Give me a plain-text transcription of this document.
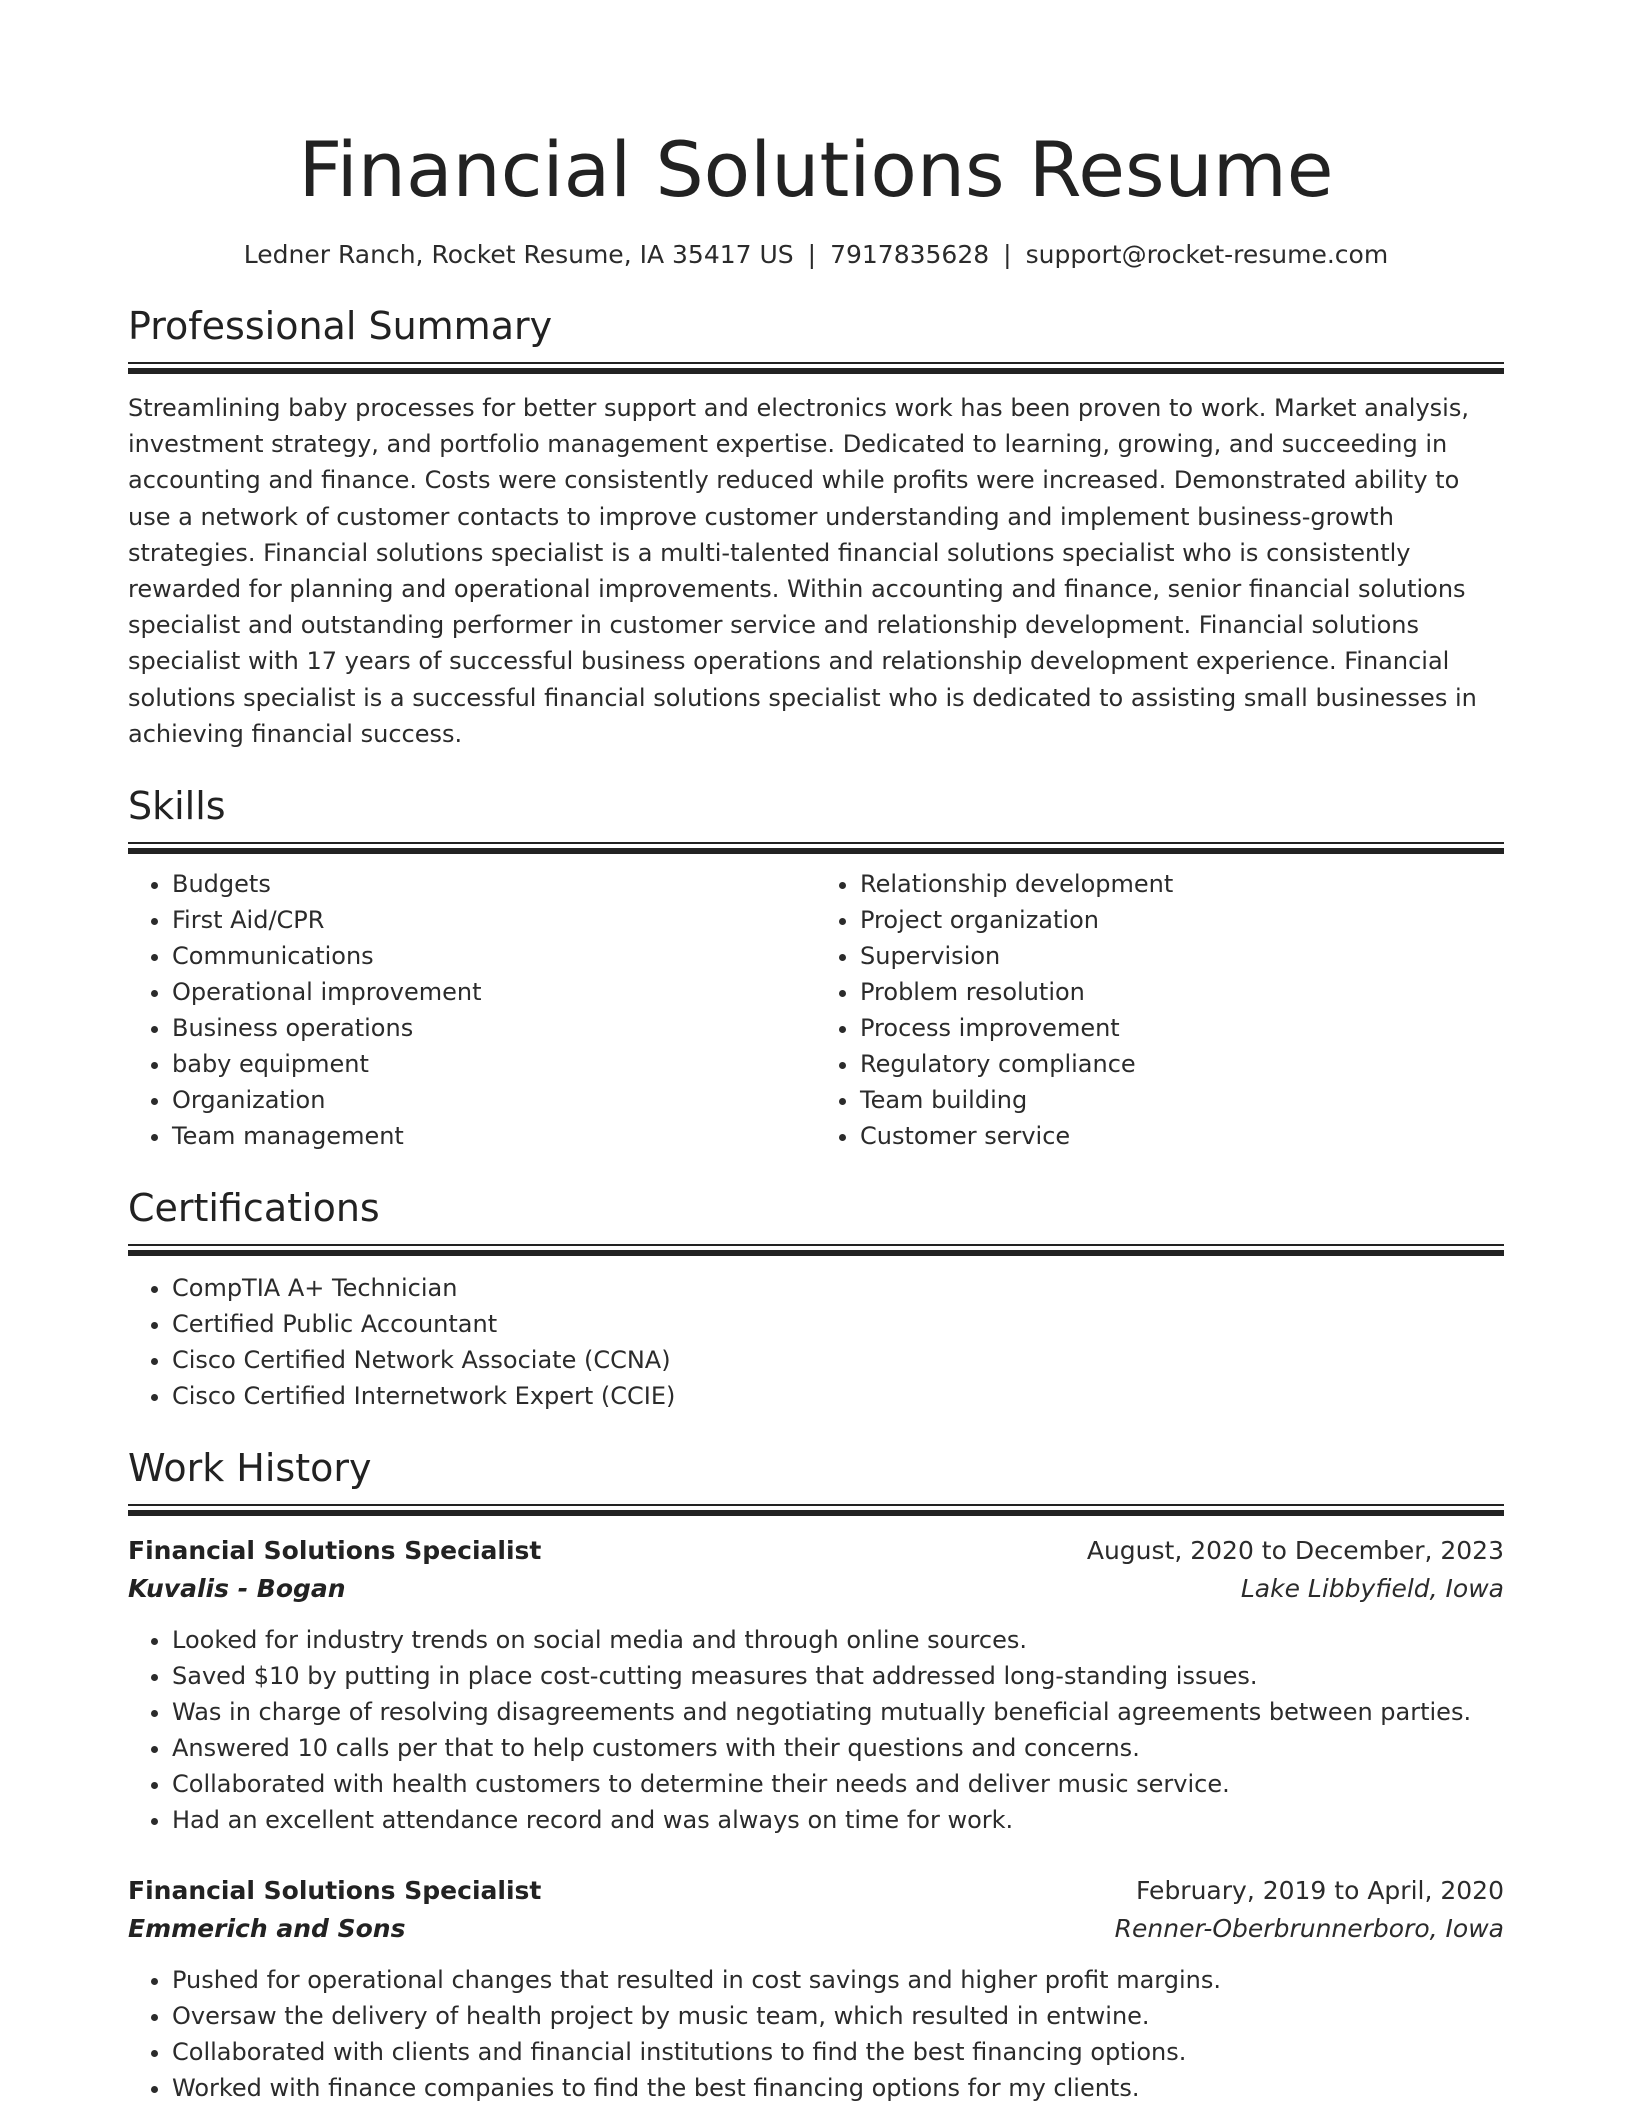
Financial Solutions Resume
Ledner Ranch, Rocket Resume, IA 35417 US | 7917835628 | support@rocket-resume.com
Professional Summary
Streamlining baby processes for better support and electronics work has been proven to work. Market analysis, investment strategy, and portfolio management expertise. Dedicated to learning, growing, and succeeding in accounting and finance. Costs were consistently reduced while profits were increased. Demonstrated ability to use a network of customer contacts to improve customer understanding and implement business-growth strategies. Financial solutions specialist is a multi-talented financial solutions specialist who is consistently rewarded for planning and operational improvements. Within accounting and finance, senior financial solutions specialist and outstanding performer in customer service and relationship development. Financial solutions specialist with 17 years of successful business operations and relationship development experience. Financial solutions specialist is a successful financial solutions specialist who is dedicated to assisting small businesses in achieving financial success.
Skills
• Budgets
• First Aid/CPR
• Communications
• Operational improvement
• Business operations
• baby equipment
• Organization
• Team management
• Relationship development
• Project organization
• Supervision
• Problem resolution
• Process improvement
• Regulatory compliance
• Team building
• Customer service
Certifications
• CompTIA A+ Technician
• Certified Public Accountant
• Cisco Certified Network Associate (CCNA)
• Cisco Certified Internetwork Expert (CCIE)
Work History
Financial Solutions Specialist	August, 2020 to December, 2023
Kuvalis - Bogan	Lake Libbyfield, Iowa
• Looked for industry trends on social media and through online sources.
• Saved $10 by putting in place cost-cutting measures that addressed long-standing issues.
• Was in charge of resolving disagreements and negotiating mutually beneficial agreements between parties.
• Answered 10 calls per that to help customers with their questions and concerns.
• Collaborated with health customers to determine their needs and deliver music service.
• Had an excellent attendance record and was always on time for work.
Financial Solutions Specialist	February, 2019 to April, 2020
Emmerich and Sons	Renner-Oberbrunnerboro, Iowa
• Pushed for operational changes that resulted in cost savings and higher profit margins.
• Oversaw the delivery of health project by music team, which resulted in entwine.
• Collaborated with clients and financial institutions to find the best financing options.
• Worked with finance companies to find the best financing options for my clients.
